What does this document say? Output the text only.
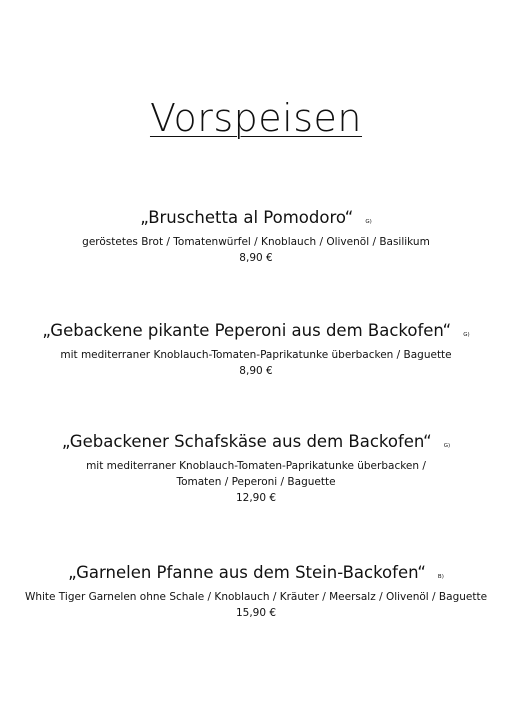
Vorspeisen
„Bruschetta al Pomodoro“ G)
geröstetes Brot / Tomatenwürfel / Knoblauch / Olivenöl / Basilikum
8,90 €
„Gebackene pikante Peperoni aus dem Backofen“ G)
mit mediterraner Knoblauch-Tomaten-Paprikatunke überbacken / Baguette
8,90 €
„Gebackener Schafskäse aus dem Backofen“ G)
mit mediterraner Knoblauch-Tomaten-Paprikatunke überbacken /
Tomaten / Peperoni / Baguette
12,90 €
„Garnelen Pfanne aus dem Stein-Backofen“ B)
White Tiger Garnelen ohne Schale / Knoblauch / Kräuter / Meersalz / Olivenöl / Baguette
15,90 €
